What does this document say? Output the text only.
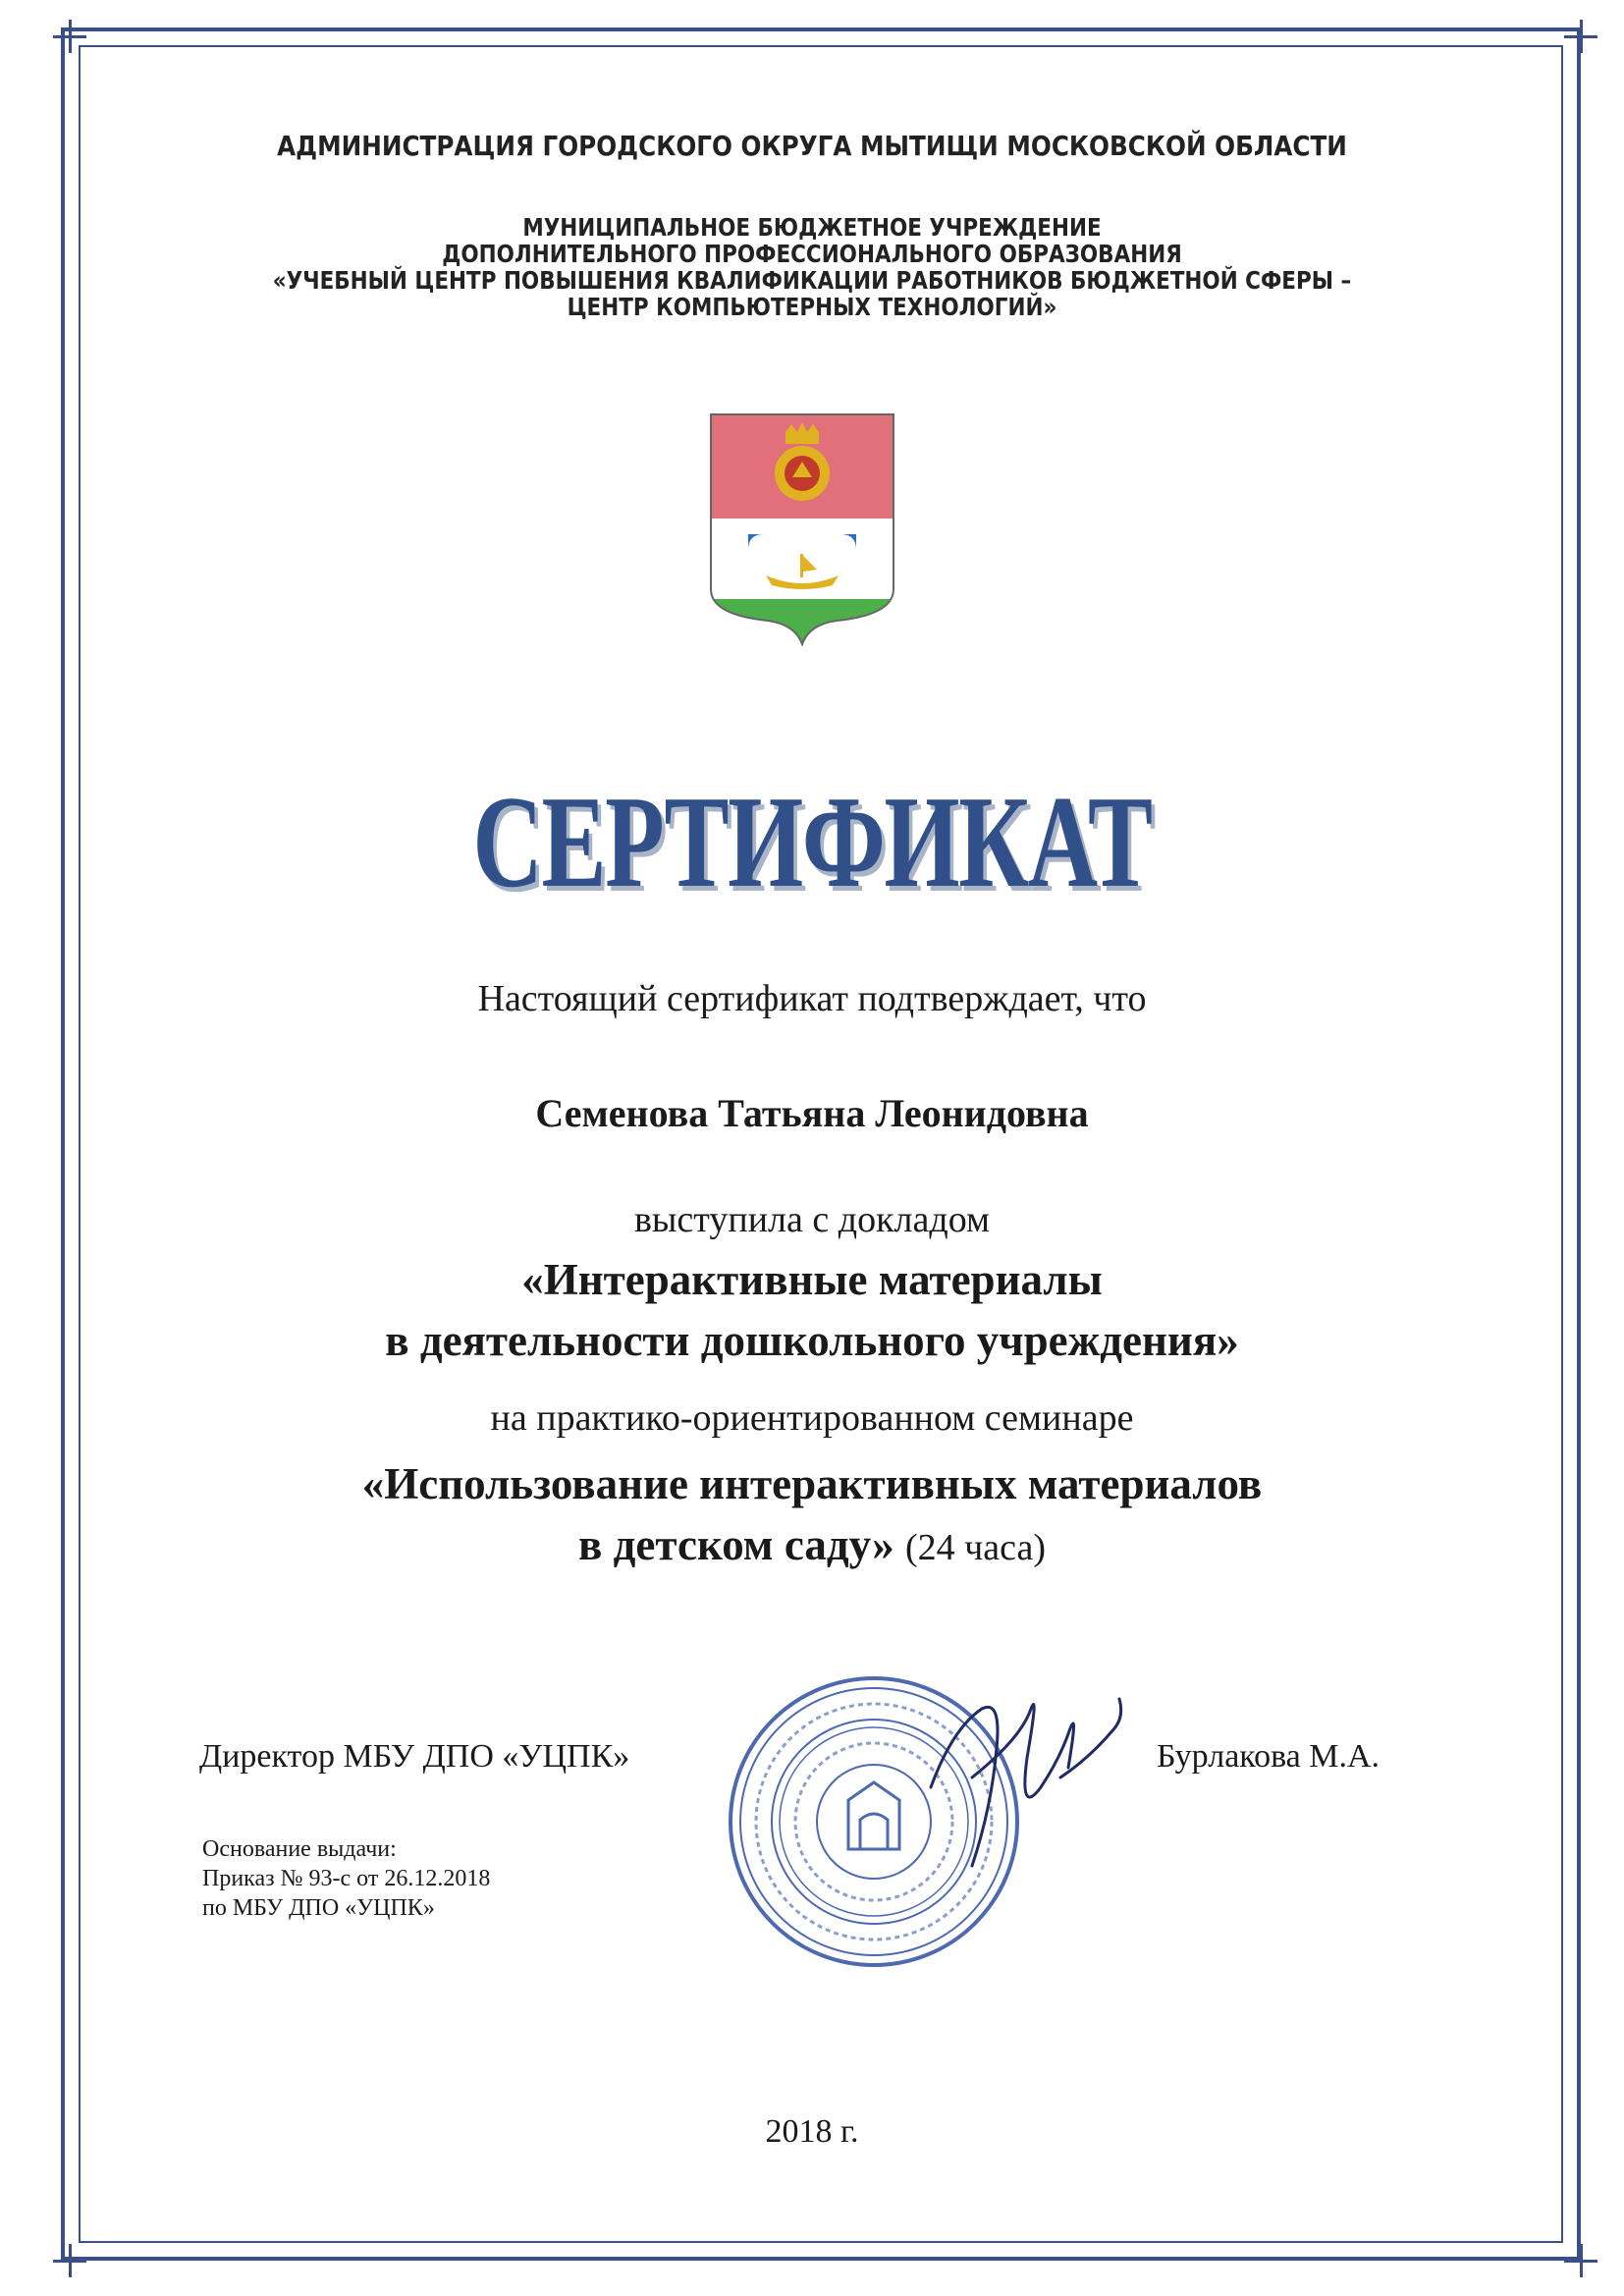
АДМИНИСТРАЦИЯ ГОРОДСКОГО ОКРУГА МЫТИЩИ МОСКОВСКОЙ ОБЛАСТИ
МУНИЦИПАЛЬНОЕ БЮДЖЕТНОЕ УЧРЕЖДЕНИЕ
ДОПОЛНИТЕЛЬНОГО ПРОФЕССИОНАЛЬНОГО ОБРАЗОВАНИЯ
«УЧЕБНЫЙ ЦЕНТР ПОВЫШЕНИЯ КВАЛИФИКАЦИИ РАБОТНИКОВ БЮДЖЕТНОЙ СФЕРЫ –
ЦЕНТР КОМПЬЮТЕРНЫХ ТЕХНОЛОГИЙ»
СЕРТИФИКАТ
Настоящий сертификат подтверждает, что
Семенова Татьяна Леонидовна
выступила с докладом
«Интерактивные материалы
в деятельности дошкольного учреждения»
на практико-ориентированном семинаре
«Использование интерактивных материалов
в детском саду» (24 часа)
Директор МБУ ДПО «УЦПК»	Бурлакова М.А.
Основание выдачи:
Приказ № 93-с от 26.12.2018
по МБУ ДПО «УЦПК»
2018 г.
